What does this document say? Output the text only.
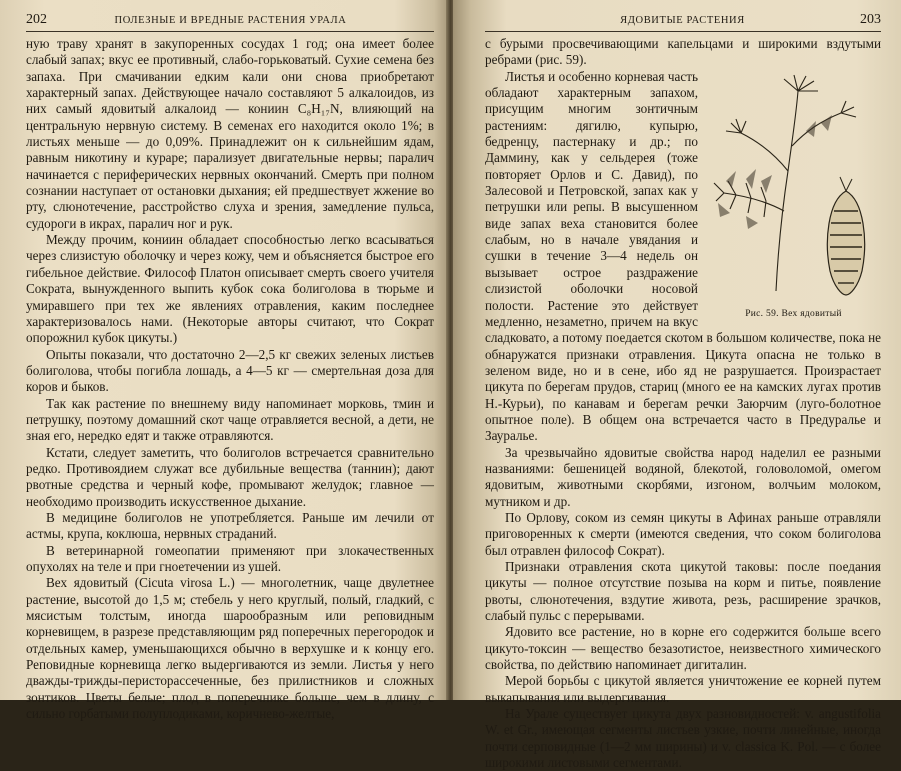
202	ПОЛЕЗНЫЕ И ВРЕДНЫЕ РАСТЕНИЯ УРАЛА

ную траву хранят в закупоренных сосудах 1 год; она имеет более слабый запах; вкус ее противный, слабо-горьковатый. Сухие семена без запаха. При смачивании едким кали они снова приобретают характерный запах. Действующее начало составляют 5 алкалоидов, из них самый ядовитый алкалоид — кониин C₈H₁₇N, влияющий на центральную нервную систему. В семенах его находится около 1%; в листьях меньше — до 0,09%. Принадлежит он к сильнейшим ядам, равным никотину и кураре; парализует двигательные нервы; паралич начинается с периферических нервных окончаний. Смерть при полном сознании наступает от остановки дыхания; ей предшествует жжение во рту, слюнотечение, расстройство слуха и зрения, замедление пульса, судороги в икрах, паралич ног и рук.

Между прочим, кониин обладает способностью легко всасываться через слизистую оболочку и через кожу, чем и объясняется быстрое его гибельное действие. Философ Платон описывает смерть своего учителя Сократа, вынужденного выпить кубок сока болиголова в тюрьме и умиравшего при тех же явлениях отравления, каким последнее характеризовалось нами. (Некоторые авторы считают, что Сократ опорожнил кубок цикуты.)

Опыты показали, что достаточно 2—2,5 кг свежих зеленых листьев болиголова, чтобы погибла лошадь, а 4—5 кг — смертельная доза для коров и быков.

Так как растение по внешнему виду напоминает морковь, тмин и петрушку, поэтому домашний скот чаще отравляется весной, а дети, не зная его, нередко едят и также отравляются.

Кстати, следует заметить, что болиголов встречается сравнительно редко. Противоядием служат все дубильные вещества (таннин); дают рвотные средства и черный кофе, промывают желудок; главное — необходимо производить искусственное дыхание.

В медицине болиголов не употребляется. Раньше им лечили от астмы, крупа, коклюша, нервных страданий.

В ветеринарной гомеопатии применяют при злокачественных опухолях на теле и при гноетечении из ушей.

Вех ядовитый (Cicuta virosa L.) — многолетник, чаще двулетнее растение, высотой до 1,5 м; стебель у него круглый, полый, гладкий, с мясистым толстым, иногда шарообразным или реповидным корневищем, в разрезе представляющим ряд поперечных перегородок и отдельных камер, уменьшающихся обычно в верхушке и к концу его. Реповидные корневища легко выдергиваются из земли. Листья у него дважды-трижды-перистораcсеченные, без прилистников и сложных зонтиков. Цветы белые; плод в поперечнике больше, чем в длину, с сильно горбатыми полуплодиками, коричнево-желтые,

ЯДОВИТЫЕ РАСТЕНИЯ	203

с бурыми просвечивающими капельцами и широкими вздутыми ребрами (рис. 59).

Рис. 59. Вех ядовитый

Листья и особенно корневая часть обладают характерным запахом, присущим многим зонтичным растениям: дягилю, купырю, бедренцу, пастернаку и др.; по Даммину, как у сельдерея (тоже повторяет Орлов и С. Давид), по Залесовой и Петровской, запах как у петрушки или репы. В высушенном виде запах веха становится более слабым, но в начале увядания и сушки в течение 3—4 недель он вызывает острое раздражение слизистой оболочки носовой полости. Растение это действует медленно, незаметно, причем на вкус сладковато, а потому поедается скотом в большом количестве, пока не обнаружатся признаки отравления. Цикута опасна не только в зеленом виде, но и в сене, ибо яд не разрушается. Произрастает цикута по берегам прудов, стариц (много ее на камских лугах против Н.-Курьи), по канавам и берегам речки Заюрчим (луго-болотное опытное поле). В общем она встречается часто в Предуралье и Зауралье.

За чрезвычайно ядовитые свойства народ наделил ее разными названиями: бешеницей водяной, блекотой, головоломой, омегом ядовитым, животными скорбями, изгоном, волчьим молоком, мутником и др.

По Орлову, соком из семян цикуты в Афинах раньше отравляли приговоренных к смерти (имеются сведения, что соком болиголова был отравлен философ Сократ).

Признаки отравления скота цикутой таковы: после поедания цикуты — полное отсутствие позыва на корм и питье, появление рвоты, слюнотечения, вздутие живота, резь, расширение зрачков, слабый пульс с перерывами.

Ядовито все растение, но в корне его содержится больше всего цикуто-токсин — вещество безазотистое, неизвестного химического свойства, по действию напоминает дигиталин.

Мерой борьбы с цикутой является уничтожение ее корней путем выкапывания или выдергивания.

На Урале существует цикута двух разновидностей: v. angustifolia W. et Gr., имеющая сегменты листьев узкие, почти линейные, иногда почти серповидные (1—2 мм ширины) и v. classica K. Pol. — с более широкими листовыми сегментами.
